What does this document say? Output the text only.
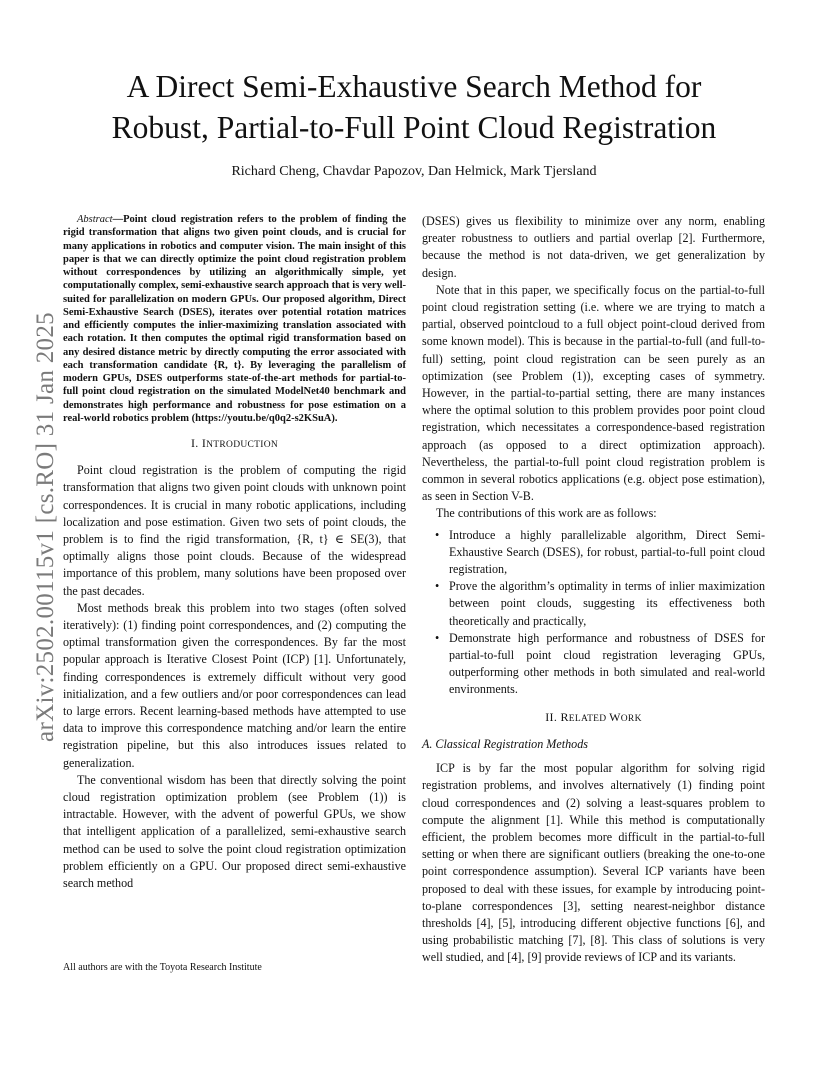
A Direct Semi-Exhaustive Search Method for
Robust, Partial-to-Full Point Cloud Registration
Richard Cheng, Chavdar Papozov, Dan Helmick, Mark Tjersland
arXiv:2502.00115v1 [cs.RO] 31 Jan 2025

Abstract—Point cloud registration refers to the problem of finding the rigid transformation that aligns two given point clouds, and is crucial for many applications in robotics and computer vision. The main insight of this paper is that we can directly optimize the point cloud registration problem without correspondences by utilizing an algorithmically simple, yet computationally complex, semi-exhaustive search approach that is very well-suited for parallelization on modern GPUs. Our proposed algorithm, Direct Semi-Exhaustive Search (DSES), iterates over potential rotation matrices and efficiently computes the inlier-maximizing translation associated with each rotation. It then computes the optimal rigid transformation based on any desired distance metric by directly computing the error associated with each transformation candidate {R, t}. By leveraging the parallelism of modern GPUs, DSES outperforms state-of-the-art methods for partial-to-full point cloud registration on the simulated ModelNet40 benchmark and demonstrates high performance and robustness for pose estimation on a real-world robotics problem (https://youtu.be/q0q2-s2KSuA).

I. INTRODUCTION

Point cloud registration is the problem of computing the rigid transformation that aligns two given point clouds with unknown point correspondences. It is crucial in many robotic applications, including localization and pose estimation. Given two sets of point clouds, the problem is to find the rigid transformation, {R, t} ∈ SE(3), that optimally aligns those point clouds. Because of the widespread importance of this problem, many solutions have been proposed over the past decades.

Most methods break this problem into two stages (often solved iteratively): (1) finding point correspondences, and (2) computing the optimal transformation given the correspondences. By far the most popular approach is Iterative Closest Point (ICP) [1]. Unfortunately, finding correspondences is extremely difficult without very good initialization, and a few outliers and/or poor correspondences can lead to large errors. Recent learning-based methods have attempted to use data to improve this correspondence matching and/or learn the entire registration pipeline, but this also introduces issues related to generalization.

The conventional wisdom has been that directly solving the point cloud registration optimization problem (see Problem (1)) is intractable. However, with the advent of powerful GPUs, we show that intelligent application of a parallelized, semi-exhaustive search method can be used to solve the point cloud registration optimization problem efficiently on a GPU. Our proposed direct semi-exhaustive search method

(DSES) gives us flexibility to minimize over any norm, enabling greater robustness to outliers and partial overlap [2]. Furthermore, because the method is not data-driven, we get generalization by design.

Note that in this paper, we specifically focus on the partial-to-full point cloud registration setting (i.e. where we are trying to match a partial, observed pointcloud to a full object point-cloud derived from some known model). This is because in the partial-to-full (and full-to-full) setting, point cloud registration can be seen purely as an optimization (see Problem (1)), excepting cases of symmetry. However, in the partial-to-partial setting, there are many instances where the optimal solution to this problem provides poor point cloud registration, which necessitates a correspondence-based registration approach (as opposed to a direct optimization approach). Nevertheless, the partial-to-full point cloud registration problem is common in several robotics applications (e.g. object pose estimation), as seen in Section V-B.

The contributions of this work are as follows:

• Introduce a highly parallelizable algorithm, Direct Semi-Exhaustive Search (DSES), for robust, partial-to-full point cloud registration,
• Prove the algorithm’s optimality in terms of inlier maximization between point clouds, suggesting its effectiveness both theoretically and practically,
• Demonstrate high performance and robustness of DSES for partial-to-full point cloud registration leveraging GPUs, outperforming other methods in both simulated and real-world environments.
II. RELATED WORK
A. Classical Registration Methods

ICP is by far the most popular algorithm for solving rigid registration problems, and involves alternatively (1) finding point cloud correspondences and (2) solving a least-squares problem to compute the alignment [1]. While this method is computationally efficient, the problem becomes more difficult in the partial-to-full setting or when there are significant outliers (breaking the one-to-one point correspondence assumption). Several ICP variants have been proposed to deal with these issues, for example by introducing point-to-plane correspondences [3], setting nearest-neighbor distance thresholds [4], [5], introducing different objective functions [6], and using probabilistic matching [7], [8]. This class of solutions is very well studied, and [4], [9] provide reviews of ICP and its variants.

All authors are with the Toyota Research Institute
